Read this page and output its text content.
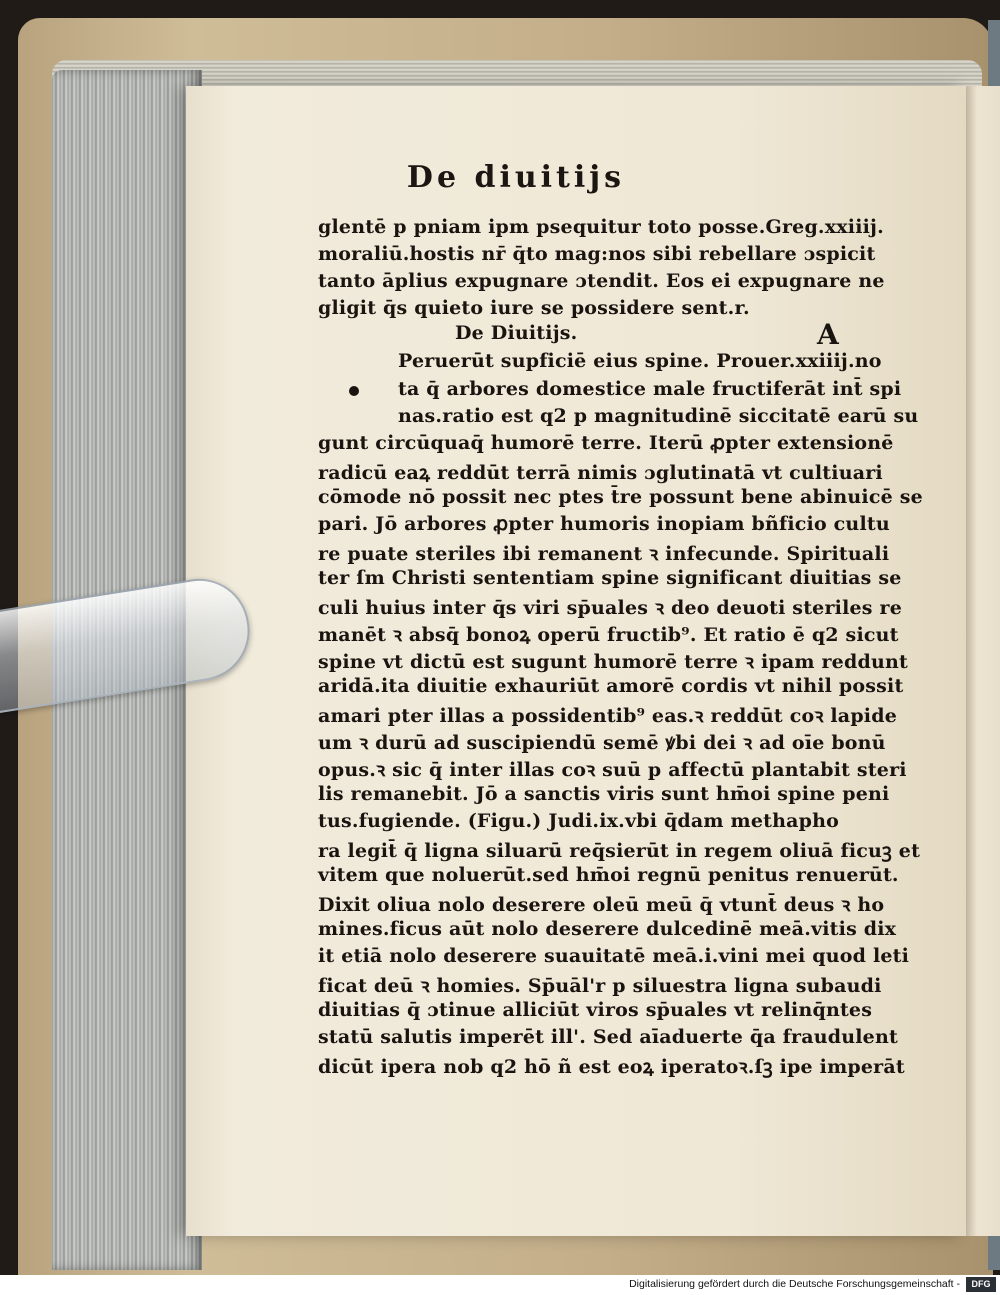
De diuitijs
glentē p pniam ipm psequitur toto posse.Greg.xxiiij.
moraliū.hostis nr̄ q̄to mag:nos sibi rebellare ɔspicit
tanto āplius expugnare ɔtendit. Eos ei expugnare ne
gligit q̄s quieto iure se possidere sent.r.
De Diuitijs.	A
Peruerūt supficiē eius spine. Prouer.xxiiij.no
ta q̄ arbores domestice male fructiferāt int̄ spi
nas.ratio est q2 p magnitudinē siccitatē earū su
gunt circūquaq̄ humorē terre. Iterū ꝓpter extensionē
radicū eaꝝ reddūt terrā nimis ɔglutinatā vt cultiuari
cōmode nō possit nec ptes t̄re possunt bene abinuicē se
pari. Jō arbores ꝓpter humoris inopiam bñficio cultu
re puate steriles ibi remanent ꝛ infecunde. Spirituali
ter ſm Christi sententiam spine significant diuitias se
culi huius inter q̄s viri sp̄uales ꝛ deo deuoti steriles re
manēt ꝛ absq̄ bonoꝝ operū fructib⁹. Et ratio ē q2 sicut
spine vt dictū est sugunt humorē terre ꝛ ipam reddunt
aridā.ita diuitie exhauriūt amorē cordis vt nihil possit
amari pter illas a possidentib⁹ eas.ꝛ reddūt coꝛ lapide
um ꝛ durū ad suscipiendū semē ꝟbi dei ꝛ ad oīe bonū
opus.ꝛ sic q̄ inter illas coꝛ suū p affectū plantabit steri
lis remanebit. Jō a sanctis viris sunt hm̄oi spine peni
tus.fugiende. (Figu.) Judi.ix.vbi q̄dam methapho
ra legit̄ q̄ ligna siluarū req̄sierūt in regem oliuā ficuꝫ et
vitem que noluerūt.sed hm̄oi regnū penitus renuerūt.
Dixit oliua nolo deserere oleū meū q̄ vtunt̄ deus ꝛ ho
mines.ficus aūt nolo deserere dulcedinē meā.vitis dix
it etiā nolo deserere suauitatē meā.i.vini mei quod leti
ficat deū ꝛ homies. Sp̄uāl'r p siluestra ligna subaudi
diuitias q̄ ɔtinue alliciūt viros sp̄uales vt relinq̄ntes
statū salutis imperēt ill'. Sed aīaduerte q̄a fraudulent
dicūt ipera nob q2 hō ñ est eoꝝ iperatoꝛ.ſꝫ ipe imperāt
Digitalisierung gefördert durch die Deutsche Forschungsgemeinschaft -	DFG
